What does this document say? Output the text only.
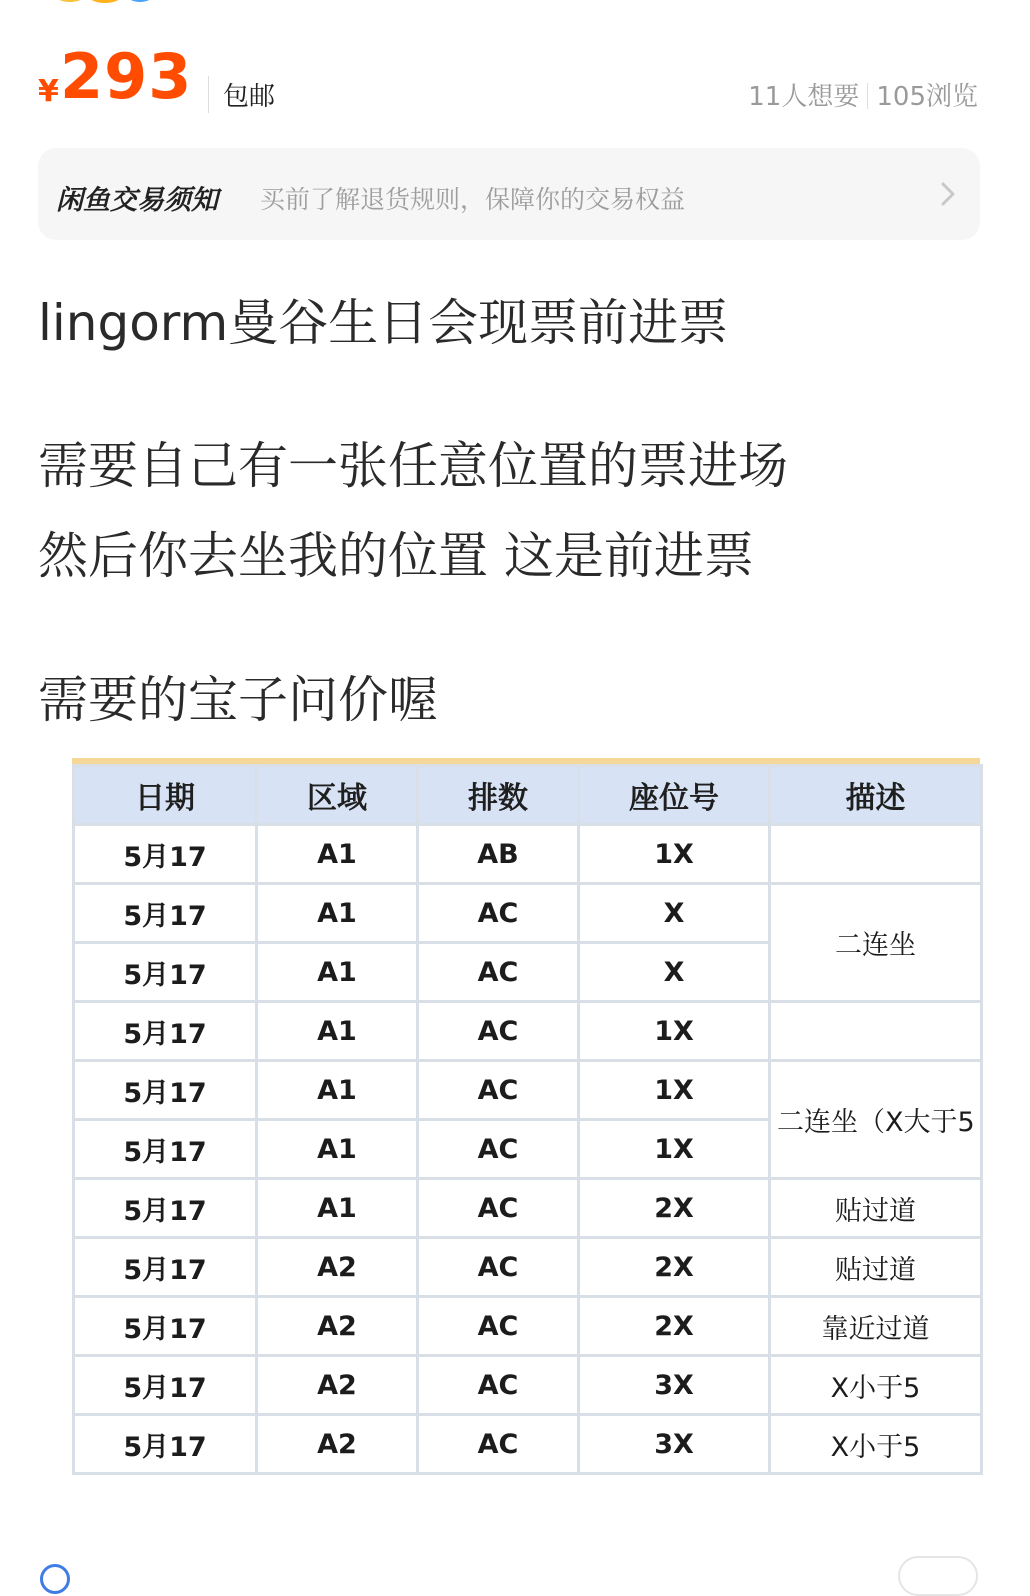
¥ 293	包邮	11人想要 105浏览
闲鱼交易须知 买前了解退货规则，保障你的交易权益
lingorm曼谷生日会现票前进票
需要自己有一张任意位置的票进场
然后你去坐我的位置 这是前进票
需要的宝子问价喔
日期	区域	排数	座位号	描述
5月17	A1	AB	1X	
5月17	A1	AC	X	二连坐
5月17	A1	AC	X	
5月17	A1	AC	1X	
5月17	A1	AC	1X	二连坐（X大于5
5月17	A1	AC	1X	
5月17	A1	AC	2X	贴过道
5月17	A2	AC	2X	贴过道
5月17	A2	AC	2X	靠近过道
5月17	A2	AC	3X	X小于5
5月17	A2	AC	3X	X小于5
